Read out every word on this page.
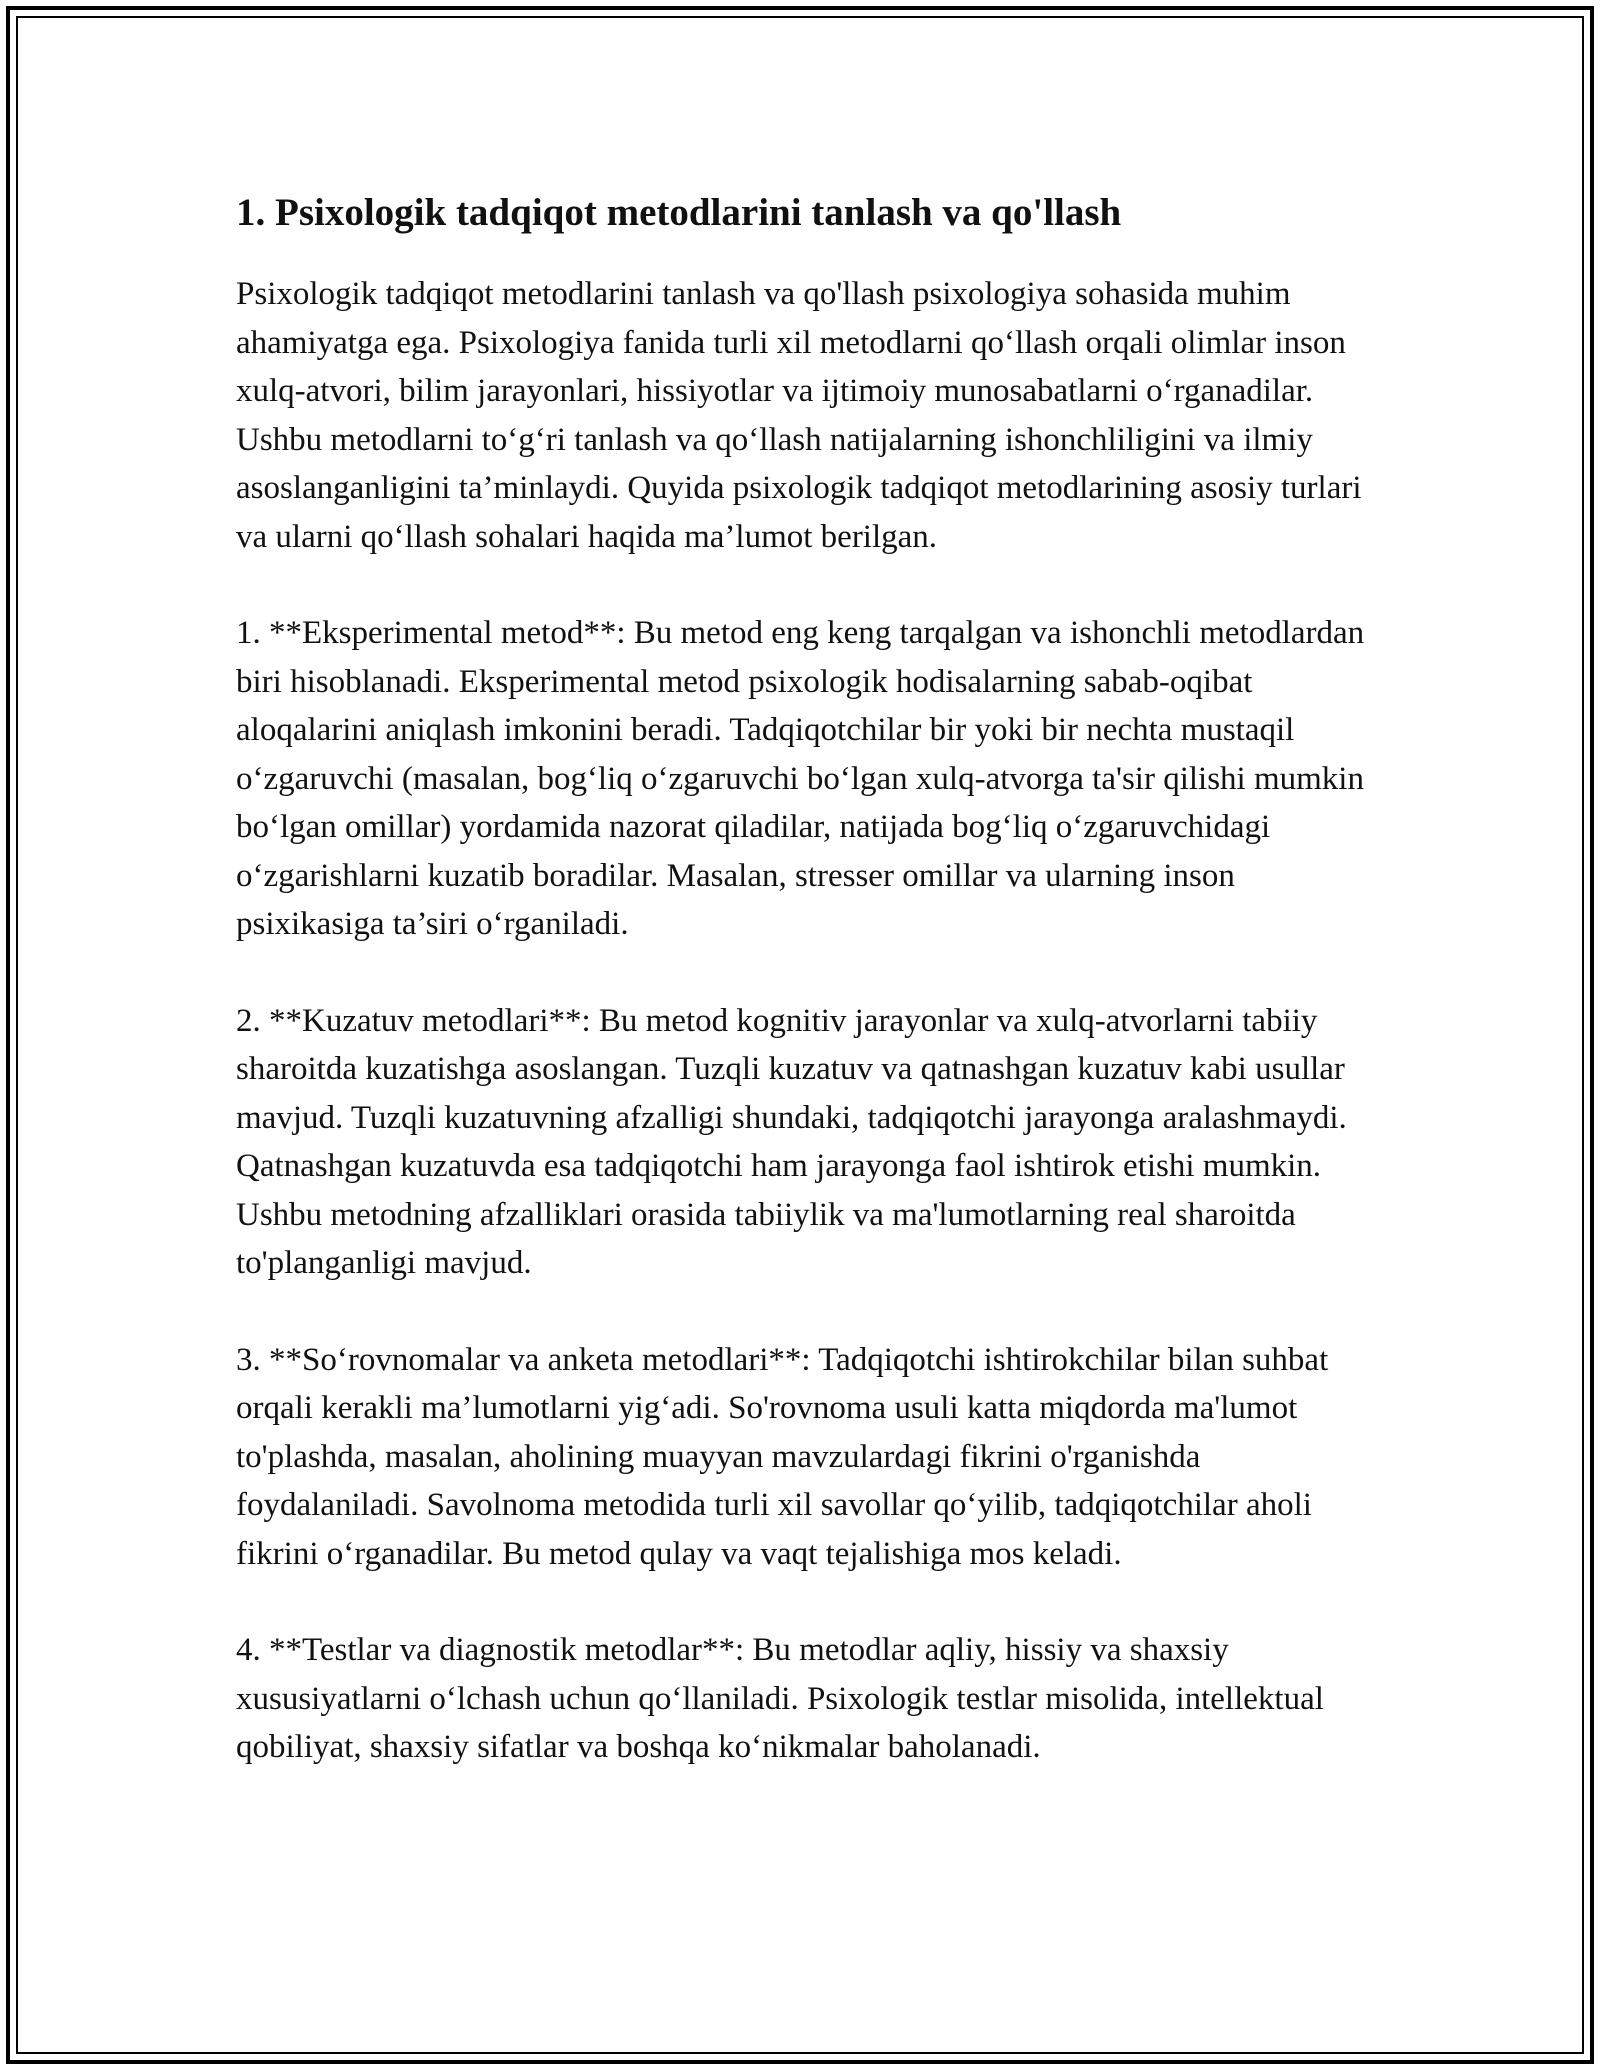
1. Psixologik tadqiqot metodlarini tanlash va qo'llash

Psixologik tadqiqot metodlarini tanlash va qo'llash psixologiya sohasida muhim ahamiyatga ega. Psixologiya fanida turli xil metodlarni qo‘llash orqali olimlar inson xulq-atvori, bilim jarayonlari, hissiyotlar va ijtimoiy munosabatlarni o‘rganadilar. Ushbu metodlarni to‘g‘ri tanlash va qo‘llash natijalarning ishonchliligini va ilmiy asoslanganligini ta’minlaydi. Quyida psixologik tadqiqot metodlarining asosiy turlari va ularni qo‘llash sohalari haqida ma’lumot berilgan.

1. **Eksperimental metod**: Bu metod eng keng tarqalgan va ishonchli metodlardan biri hisoblanadi. Eksperimental metod psixologik hodisalarning sabab-oqibat aloqalarini aniqlash imkonini beradi. Tadqiqotchilar bir yoki bir nechta mustaqil o‘zgaruvchi (masalan, bog‘liq o‘zgaruvchi bo‘lgan xulq-atvorga ta'sir qilishi mumkin bo‘lgan omillar) yordamida nazorat qiladilar, natijada bog‘liq o‘zgaruvchidagi o‘zgarishlarni kuzatib boradilar. Masalan, stresser omillar va ularning inson psixikasiga ta’siri o‘rganiladi.

2. **Kuzatuv metodlari**: Bu metod kognitiv jarayonlar va xulq-atvorlarni tabiiy sharoitda kuzatishga asoslangan. Tuzqli kuzatuv va qatnashgan kuzatuv kabi usullar mavjud. Tuzqli kuzatuvning afzalligi shundaki, tadqiqotchi jarayonga aralashmaydi. Qatnashgan kuzatuvda esa tadqiqotchi ham jarayonga faol ishtirok etishi mumkin. Ushbu metodning afzalliklari orasida tabiiylik va ma'lumotlarning real sharoitda to'planganligi mavjud.

3. **So‘rovnomalar va anketa metodlari**: Tadqiqotchi ishtirokchilar bilan suhbat orqali kerakli ma’lumotlarni yig‘adi. So'rovnoma usuli katta miqdorda ma'lumot to'plashda, masalan, aholining muayyan mavzulardagi fikrini o'rganishda foydalaniladi. Savolnoma metodida turli xil savollar qo‘yilib, tadqiqotchilar aholi fikrini o‘rganadilar. Bu metod qulay va vaqt tejalishiga mos keladi.

4. **Testlar va diagnostik metodlar**: Bu metodlar aqliy, hissiy va shaxsiy xususiyatlarni o‘lchash uchun qo‘llaniladi. Psixologik testlar misolida, intellektual qobiliyat, shaxsiy sifatlar va boshqa ko‘nikmalar baholanadi.
